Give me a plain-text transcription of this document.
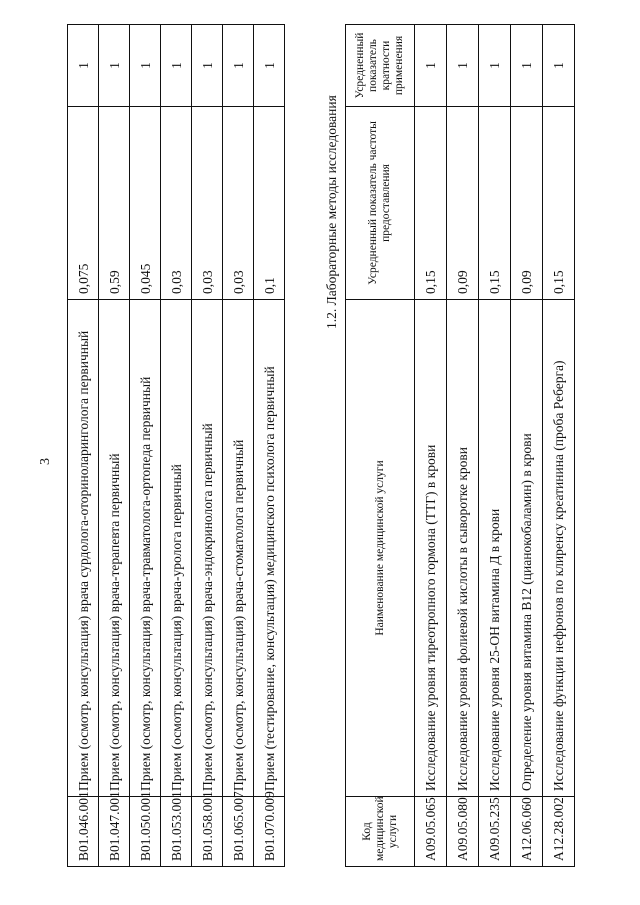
3
B01.046.001	Прием (осмотр, консультация) врача сурдолога-оториноларинголога первичный	0,075	1
B01.047.001	Прием (осмотр, консультация) врача-терапевта первичный	0,59	1
B01.050.001	Прием (осмотр, консультация) врача-травматолога-ортопеда первичный	0,045	1
B01.053.001	Прием (осмотр, консультация) врача-уролога первичный	0,03	1
B01.058.001	Прием (осмотр, консультация) врача-эндокринолога первичный	0,03	1
B01.065.007	Прием (осмотр, консультация) врача-стоматолога первичный	0,03	1
B01.070.009	Прием (тестирование, консультация) медицинского психолога первичный	0,1	1
1.2. Лабораторные методы исследования
Код медицинской услуги	Наименование медицинской услуги	Усредненный показатель частоты предоставления	Усредненный показатель кратности применения
A09.05.065	Исследование уровня тиреотропного гормона (ТТГ) в крови	0,15	1
A09.05.080	Исследование уровня фолиевой кислоты в сыворотке крови	0,09	1
A09.05.235	Исследование уровня 25-OH витамина Д в крови	0,15	1
A12.06.060	Определение уровня витамина B12 (цианокобаламин) в крови	0,09	1
A12.28.002	Исследование функции нефронов по клиренсу креатинина (проба Реберга)	0,15	1
